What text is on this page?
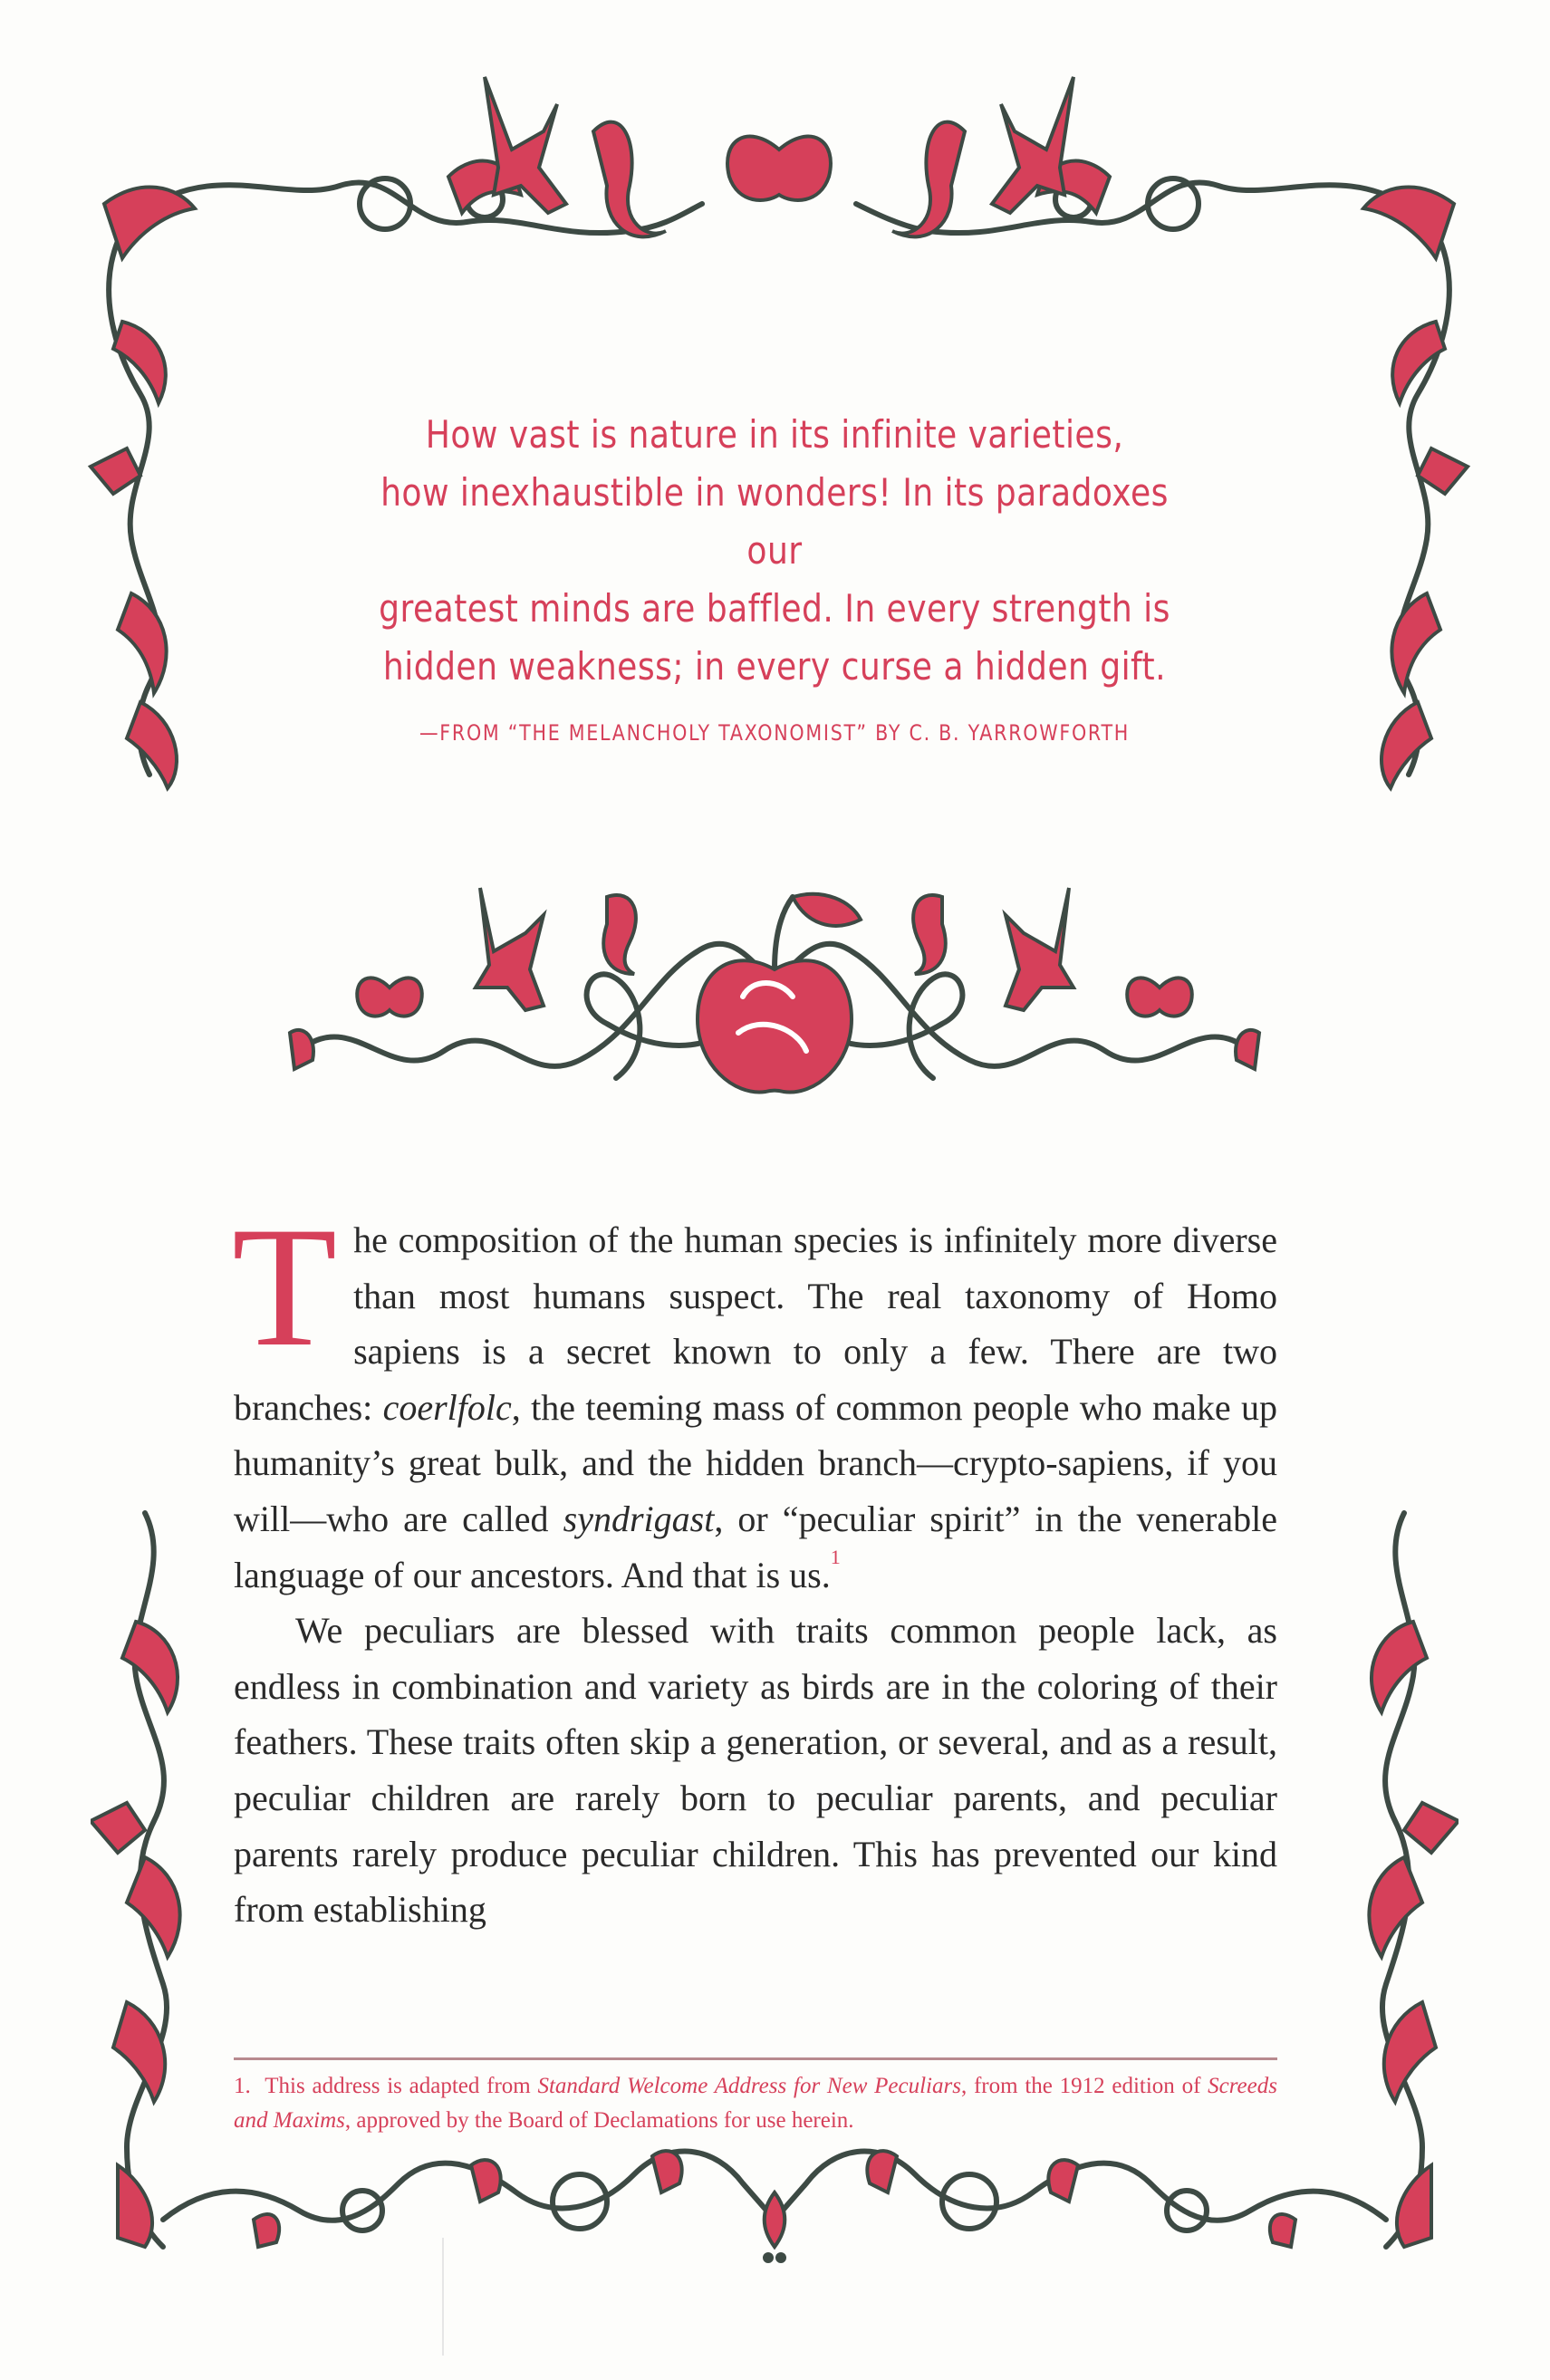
How vast is nature in its infinite varieties,
how inexhaustible in wonders! In its paradoxes our
greatest minds are baffled. In every strength is
hidden weakness; in every curse a hidden gift.
—FROM “THE MELANCHOLY TAXONOMIST” BY C. B. YARROWFORTH

The composition of the human species is infinitely more diverse than most humans suspect. The real taxonomy of Homo sapiens is a secret known to only a few. There are two branches: coerlfolc, the teeming mass of common people who make up humanity’s great bulk, and the hidden branch—crypto-sapiens, if you will—who are called syndrigast, or “peculiar spirit” in the venerable language of our ancestors. And that is us.$^1$

We peculiars are blessed with traits common people lack, as endless in combination and variety as birds are in the coloring of their feathers. These traits often skip a generation, or several, and as a result, peculiar children are rarely born to peculiar parents, and peculiar parents rarely produce peculiar children. This has prevented our kind from establishing

1. This address is adapted from Standard Welcome Address for New Peculiars, from the 1912 edition of Screeds and Maxims, approved by the Board of Declamations for use herein.
